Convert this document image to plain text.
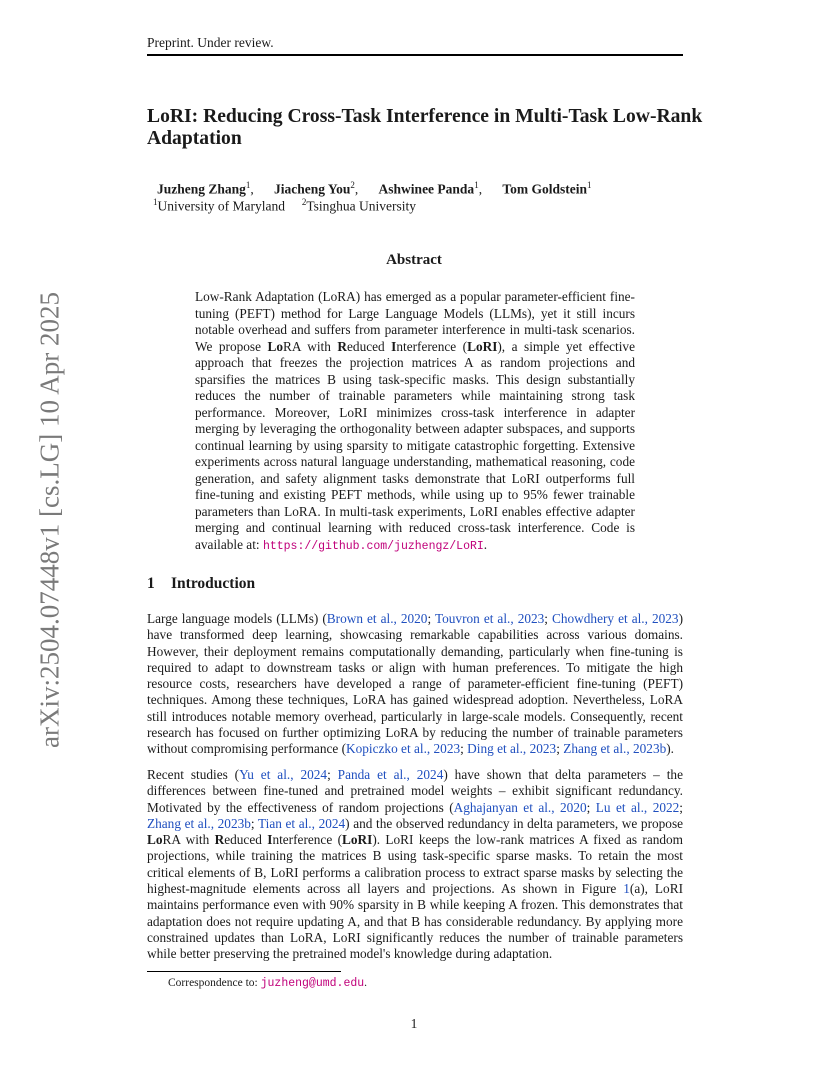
arXiv:2504.07448v1 [cs.LG] 10 Apr 2025
Preprint. Under review.
LoRI: Reducing Cross-Task Interference in Multi-Task Low-Rank Adaptation
Juzheng Zhang$^1$,      Jiacheng You$^2$,      Ashwinee Panda$^1$,      Tom Goldstein$^1$
$^1$University of Maryland $^2$Tsinghua University
Abstract
Low-Rank Adaptation (LoRA) has emerged as a popular parameter-efficient fine-tuning (PEFT) method for Large Language Models (LLMs), yet it still incurs notable overhead and suffers from parameter interference in multi-task scenarios. We propose LoRA with Reduced Interference (LoRI), a simple yet effective approach that freezes the projection matrices A as random projections and sparsifies the matrices B using task-specific masks. This design substantially reduces the number of trainable parameters while maintaining strong task performance. Moreover, LoRI minimizes cross-task interference in adapter merging by leveraging the orthogonality between adapter subspaces, and supports continual learning by using sparsity to mitigate catastrophic forgetting. Extensive experiments across natural language understanding, mathematical reasoning, code generation, and safety alignment tasks demonstrate that LoRI outperforms full fine-tuning and existing PEFT methods, while using up to 95% fewer trainable parameters than LoRA. In multi-task experiments, LoRI enables effective adapter merging and continual learning with reduced cross-task interference. Code is available at: https://github.com/juzhengz/LoRI.
1 Introduction
Large language models (LLMs) (Brown et al., 2020; Touvron et al., 2023; Chowdhery et al., 2023) have transformed deep learning, showcasing remarkable capabilities across various domains. However, their deployment remains computationally demanding, particularly when fine-tuning is required to adapt to downstream tasks or align with human preferences. To mitigate the high resource costs, researchers have developed a range of parameter-efficient fine-tuning (PEFT) techniques. Among these techniques, LoRA has gained widespread adoption. Nevertheless, LoRA still introduces notable memory overhead, particularly in large-scale models. Consequently, recent research has focused on further optimizing LoRA by reducing the number of trainable parameters without compromising performance (Kopiczko et al., 2023; Ding et al., 2023; Zhang et al., 2023b).
Recent studies (Yu et al., 2024; Panda et al., 2024) have shown that delta parameters – the differences between fine-tuned and pretrained model weights – exhibit significant redundancy. Motivated by the effectiveness of random projections (Aghajanyan et al., 2020; Lu et al., 2022; Zhang et al., 2023b; Tian et al., 2024) and the observed redundancy in delta parameters, we propose LoRA with Reduced Interference (LoRI). LoRI keeps the low-rank matrices A fixed as random projections, while training the matrices B using task-specific sparse masks. To retain the most critical elements of B, LoRI performs a calibration process to extract sparse masks by selecting the highest-magnitude elements across all layers and projections. As shown in Figure 1(a), LoRI maintains performance even with 90% sparsity in B while keeping A frozen. This demonstrates that adaptation does not require updating A, and that B has considerable redundancy. By applying more constrained updates than LoRA, LoRI significantly reduces the number of trainable parameters while better preserving the pretrained model's knowledge during adaptation.
Correspondence to: juzheng@umd.edu.
1
